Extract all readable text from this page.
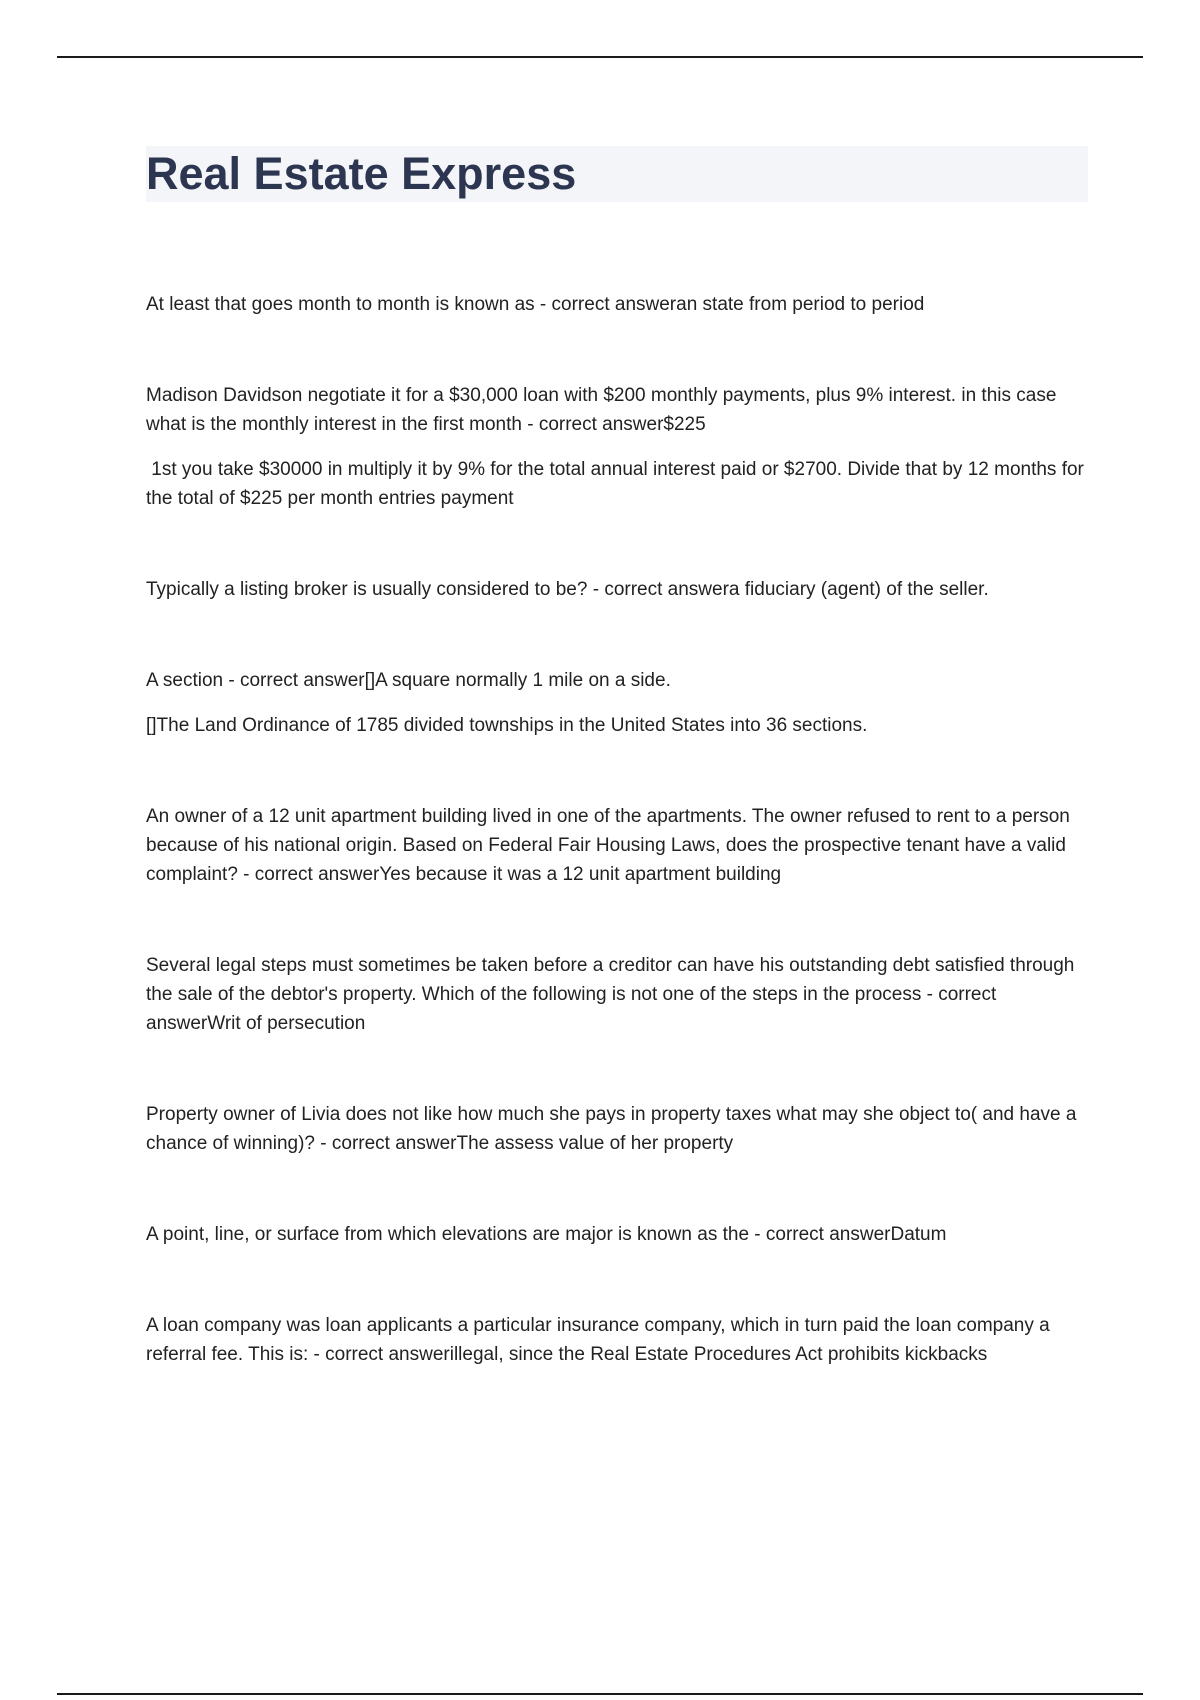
Real Estate Express

At least that goes month to month is known as - correct answeran state from period to period

Madison Davidson negotiate it for a $30,000 loan with $200 monthly payments, plus 9% interest. in this case what is the monthly interest in the first month - correct answer$225

1st you take $30000 in multiply it by 9% for the total annual interest paid or $2700. Divide that by 12 months for the total of $225 per month entries payment

Typically a listing broker is usually considered to be? - correct answera fiduciary (agent) of the seller.

A section - correct answer[]A square normally 1 mile on a side.

[]The Land Ordinance of 1785 divided townships in the United States into 36 sections.

An owner of a 12 unit apartment building lived in one of the apartments. The owner refused to rent to a person because of his national origin. Based on Federal Fair Housing Laws, does the prospective tenant have a valid complaint? - correct answerYes because it was a 12 unit apartment building

Several legal steps must sometimes be taken before a creditor can have his outstanding debt satisfied through the sale of the debtor's property. Which of the following is not one of the steps in the process - correct answerWrit of persecution

Property owner of Livia does not like how much she pays in property taxes what may she object to( and have a chance of winning)? - correct answerThe assess value of her property

A point, line, or surface from which elevations are major is known as the - correct answerDatum

A loan company was loan applicants a particular insurance company, which in turn paid the loan company a referral fee. This is: - correct answerillegal, since the Real Estate Procedures Act prohibits kickbacks
